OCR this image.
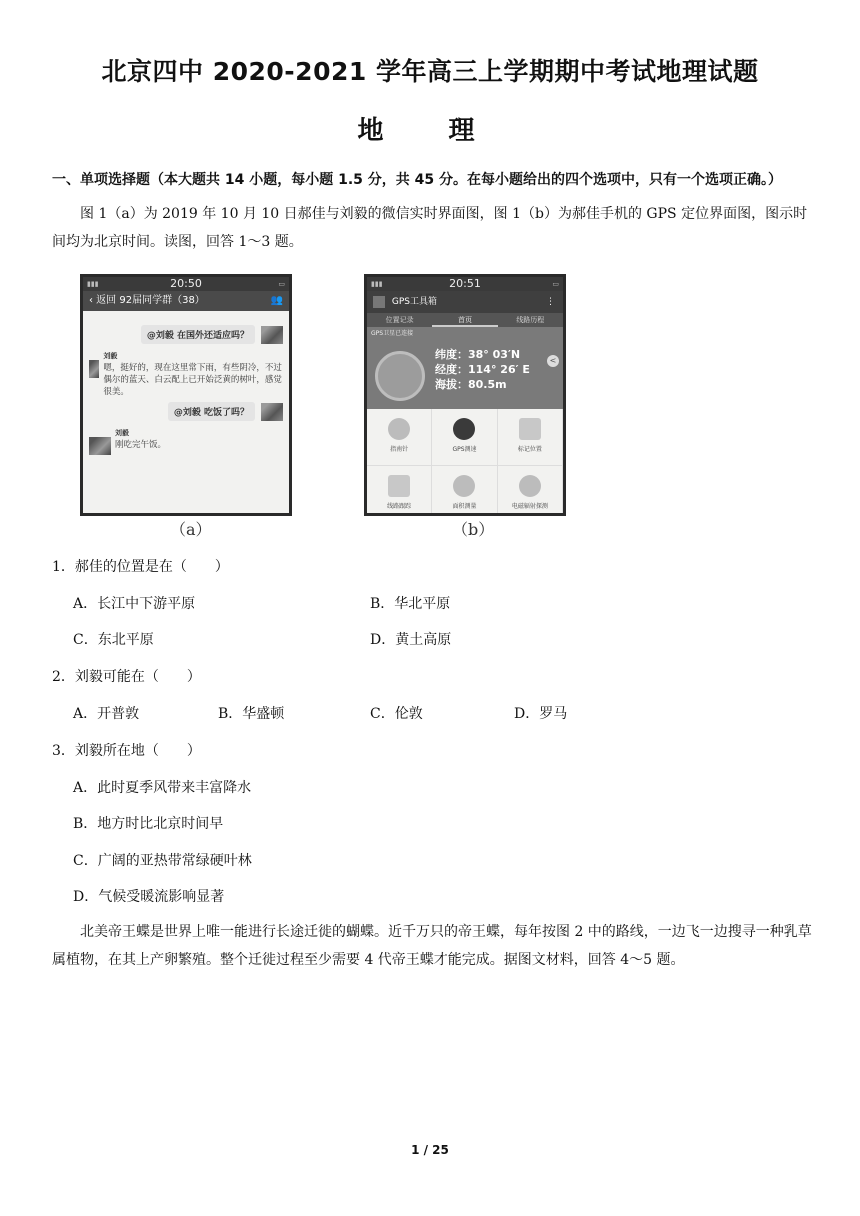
北京四中 2020-2021 学年高三上学期期中考试地理试题
地 理
一、单项选择题（本大题共 14 小题，每小题 1.5 分，共 45 分。在每小题给出的四个选项中，只有一个选项正确。）
图 1（a）为 2019 年 10 月 10 日郝佳与刘毅的微信实时界面图，图 1（b）为郝佳手机的 GPS 定位界面图，图示时间均为北京时间。读图，回答 1～3 题。
▮▮▮	20:50	▭
‹ 返回 92届同学群（38）	👥
@刘毅 在国外还适应吗？
刘毅
嗯，挺好的，现在这里常下雨，有些阴冷，不过偶尔的蓝天、白云配上已开始泛黄的树叶，感觉很美。
@刘毅 吃饭了吗？
刘毅
刚吃完午饭。
（a）
▮▮▮	20:51	▭
GPS工具箱	⋮
位置记录	首页	线路历程
GPS卫星已连接
纬度：38° 03′N
经度：114° 26′ E
海拔：80.5m
<
指南针	GPS测速	标记位置
线路跟踪	面积测量	电磁辐射探测
（b）
1．郝佳的位置是在（　　）
A．长江中下游平原	B．华北平原
C．东北平原	D．黄土高原
2．刘毅可能在（　　）
A．开普敦	B．华盛顿	C．伦敦	D．罗马
3．刘毅所在地（　　）
A．此时夏季风带来丰富降水
B．地方时比北京时间早
C．广阔的亚热带常绿硬叶林
D．气候受暖流影响显著
北美帝王蝶是世界上唯一能进行长途迁徙的蝴蝶。近千万只的帝王蝶，每年按图 2 中的路线，一边飞一边搜寻一种乳草属植物，在其上产卵繁殖。整个迁徙过程至少需要 4 代帝王蝶才能完成。据图文材料，回答 4～5 题。
1 / 25
